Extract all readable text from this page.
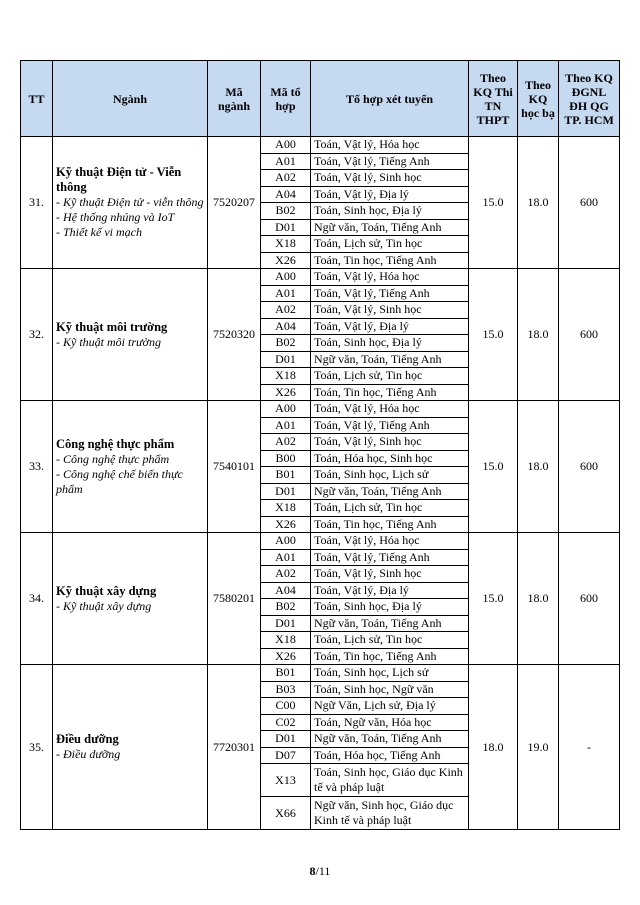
TT	Ngành	Mã ngành	Mã tổ hợp	Tổ hợp xét tuyển	Theo KQ Thi TN THPT	Theo KQ học bạ	Theo KQ ĐGNL ĐH QG TP. HCM
31.	Kỹ thuật Điện tử - Viễn thông
- Kỹ thuật Điện tử - viễn thông
- Hệ thống nhúng và IoT
- Thiết kế vi mạch	7520207	A00	Toán, Vật lý, Hóa học	15.0	18.0	600
			A01	Toán, Vật lý, Tiếng Anh			
			A02	Toán, Vật lý, Sinh học			
			A04	Toán, Vật lý, Địa lý			
			B02	Toán, Sinh học, Địa lý			
			D01	Ngữ văn, Toán, Tiếng Anh			
			X18	Toán, Lịch sử, Tin học			
			X26	Toán, Tin học, Tiếng Anh			
32.	Kỹ thuật môi trường
- Kỹ thuật môi trường	7520320	A00	Toán, Vật lý, Hóa học	15.0	18.0	600
			A01	Toán, Vật lý, Tiếng Anh			
			A02	Toán, Vật lý, Sinh học			
			A04	Toán, Vật lý, Địa lý			
			B02	Toán, Sinh học, Địa lý			
			D01	Ngữ văn, Toán, Tiếng Anh			
			X18	Toán, Lịch sử, Tin học			
			X26	Toán, Tin học, Tiếng Anh			
33.	Công nghệ thực phẩm
- Công nghệ thực phẩm
- Công nghệ chế biến thực phẩm	7540101	A00	Toán, Vật lý, Hóa học	15.0	18.0	600
			A01	Toán, Vật lý, Tiếng Anh			
			A02	Toán, Vật lý, Sinh học			
			B00	Toán, Hóa học, Sinh học			
			B01	Toán, Sinh học, Lịch sử			
			D01	Ngữ văn, Toán, Tiếng Anh			
			X18	Toán, Lịch sử, Tin học			
			X26	Toán, Tin học, Tiếng Anh			
34.	Kỹ thuật xây dựng
- Kỹ thuật xây dựng	7580201	A00	Toán, Vật lý, Hóa học	15.0	18.0	600
			A01	Toán, Vật lý, Tiếng Anh			
			A02	Toán, Vật lý, Sinh học			
			A04	Toán, Vật lý, Địa lý			
			B02	Toán, Sinh học, Địa lý			
			D01	Ngữ văn, Toán, Tiếng Anh			
			X18	Toán, Lịch sử, Tin học			
			X26	Toán, Tin học, Tiếng Anh			
35.	Điều dưỡng
- Điều dưỡng	7720301	B01	Toán, Sinh học, Lịch sử	18.0	19.0	-
			B03	Toán, Sinh học, Ngữ văn			
			C00	Ngữ Văn, Lịch sử, Địa lý			
			C02	Toán, Ngữ văn, Hóa học			
			D01	Ngữ văn, Toán, Tiếng Anh			
			D07	Toán, Hóa học, Tiếng Anh			
			X13	Toán, Sinh học, Giáo dục Kinh tế và pháp luật			
			X66	Ngữ văn, Sinh học, Giáo dục Kinh tế và pháp luật			
8/11
